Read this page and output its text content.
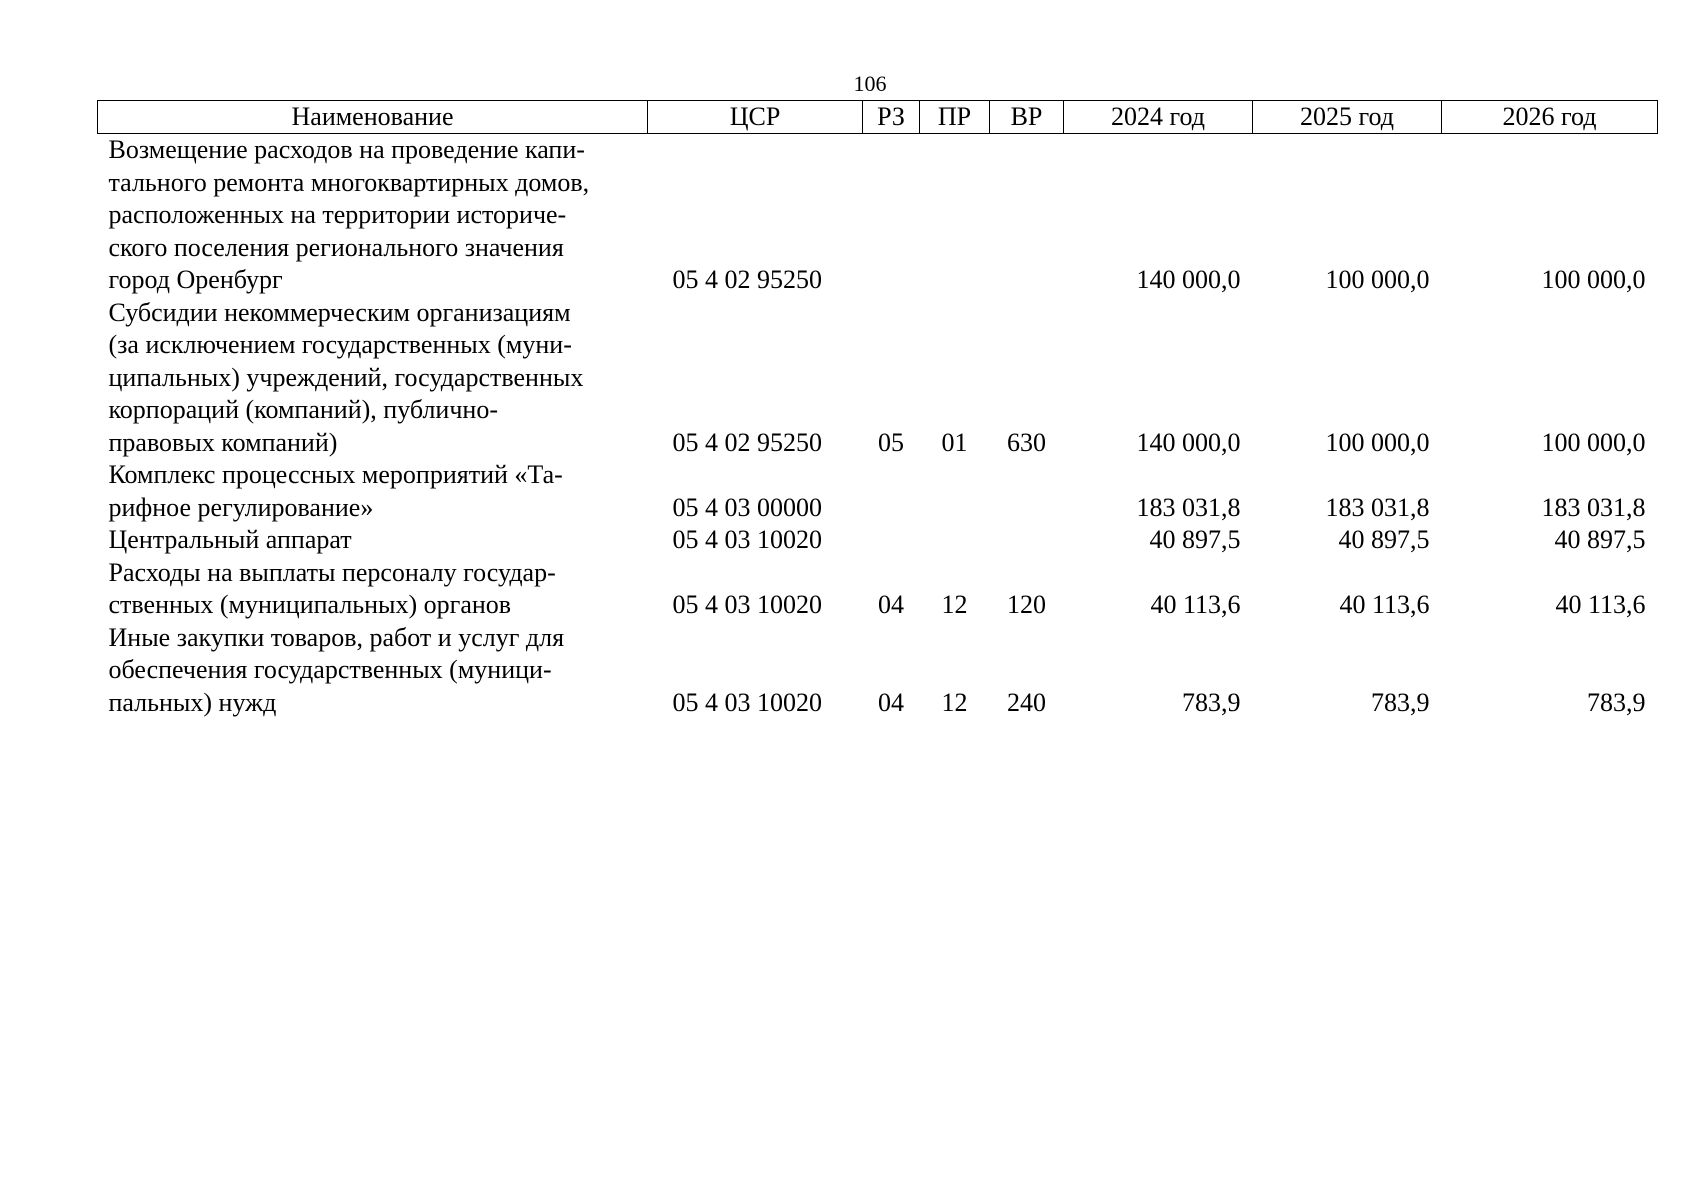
106
Наименование	ЦСР	РЗ	ПР	ВР	2024 год	2025 год	2026 год

Возмещение расходов на проведение капи-
тального ремонта многоквартирных домов,
расположенных на территории историче-
ского поселения регионального значения
город Оренбург	05 4 02 95250				140 000,0	100 000,0	100 000,0

Субсидии некоммерческим организациям
(за исключением государственных (муни-
ципальных) учреждений, государственных
корпораций (компаний), публично-
правовых компаний)	05 4 02 95250	05	01	630	140 000,0	100 000,0	100 000,0

Комплекс процессных мероприятий «Та-
рифное регулирование»	05 4 03 00000				183 031,8	183 031,8	183 031,8

Центральный аппарат	05 4 03 10020				40 897,5	40 897,5	40 897,5

Расходы на выплаты персоналу государ-
ственных (муниципальных) органов	05 4 03 10020	04	12	120	40 113,6	40 113,6	40 113,6

Иные закупки товаров, работ и услуг для
обеспечения государственных (муници-
пальных) нужд	05 4 03 10020	04	12	240	783,9	783,9	783,9
